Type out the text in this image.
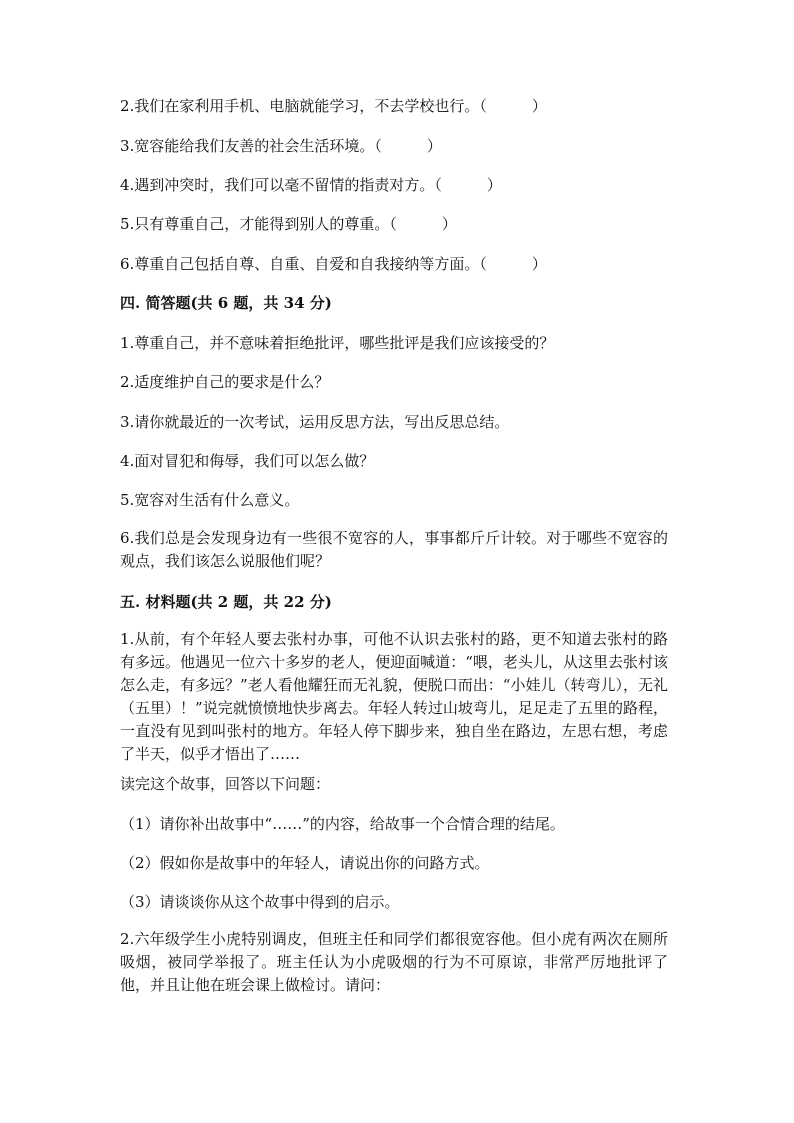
2.我们在家利用手机、电脑就能学习，不去学校也行。（　　　）
3.宽容能给我们友善的社会生活环境。（　　　）
4.遇到冲突时，我们可以毫不留情的指责对方。（　　　）
5.只有尊重自己，才能得到别人的尊重。（　　　）
6.尊重自己包括自尊、自重、自爱和自我接纳等方面。（　　　）
四. 简答题(共 6 题，共 34 分)
1.尊重自己，并不意味着拒绝批评，哪些批评是我们应该接受的？
2.适度维护自己的要求是什么？
3.请你就最近的一次考试，运用反思方法，写出反思总结。
4.面对冒犯和侮辱，我们可以怎么做？
5.宽容对生活有什么意义。
6.我们总是会发现身边有一些很不宽容的人，事事都斤斤计较。对于哪些不宽容的观点，我们该怎么说服他们呢？
五. 材料题(共 2 题，共 22 分)
1.从前，有个年轻人要去张村办事，可他不认识去张村的路，更不知道去张村的路有多远。他遇见一位六十多岁的老人，便迎面喊道：“喂，老头儿，从这里去张村该怎么走，有多远？”老人看他耀狂而无礼貌，便脱口而出：“小娃儿（转弯儿），无礼（五里）！”说完就愤愤地快步离去。年轻人转过山坡弯儿，足足走了五里的路程，一直没有见到叫张村的地方。年轻人停下脚步来，独自坐在路边，左思右想，考虑了半天，似乎才悟出了……
读完这个故事，回答以下问题：
（1）请你补出故事中“……”的内容，给故事一个合情合理的结尾。
（2）假如你是故事中的年轻人，请说出你的问路方式。
（3）请谈谈你从这个故事中得到的启示。
2.六年级学生小虎特别调皮，但班主任和同学们都很宽容他。但小虎有两次在厕所吸烟，被同学举报了。班主任认为小虎吸烟的行为不可原谅，非常严厉地批评了他，并且让他在班会课上做检讨。请问：
